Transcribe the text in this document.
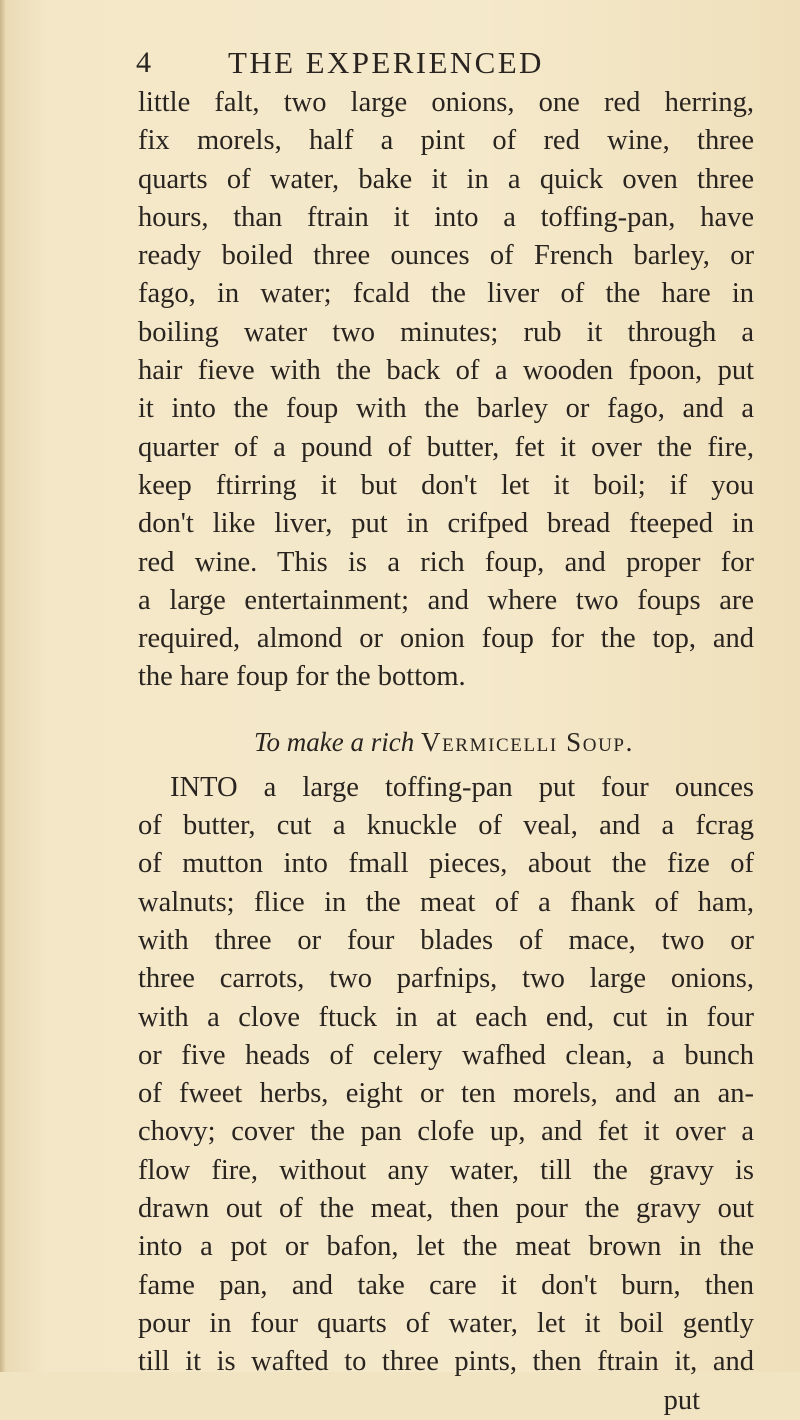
4 THE EXPERIENCED
little falt, two large onions, one red herring,
fix morels, half a pint of red wine, three
quarts of water, bake it in a quick oven three
hours, than ftrain it into a toffing-pan, have
ready boiled three ounces of French barley, or
fago, in water; fcald the liver of the hare in
boiling water two minutes; rub it through a
hair fieve with the back of a wooden fpoon, put
it into the foup with the barley or fago, and a
quarter of a pound of butter, fet it over the fire,
keep ftirring it but don't let it boil; if you
don't like liver, put in crifped bread fteeped in
red wine. This is a rich foup, and proper for
a large entertainment; and where two foups are
required, almond or onion foup for the top, and
the hare foup for the bottom.
To make a rich Vermicelli Soup.
INTO a large toffing-pan put four ounces
of butter, cut a knuckle of veal, and a fcrag
of mutton into fmall pieces, about the fize of
walnuts; flice in the meat of a fhank of ham,
with three or four blades of mace, two or
three carrots, two parfnips, two large onions,
with a clove ftuck in at each end, cut in four
or five heads of celery wafhed clean, a bunch
of fweet herbs, eight or ten morels, and an an-
chovy; cover the pan clofe up, and fet it over a
flow fire, without any water, till the gravy is
drawn out of the meat, then pour the gravy out
into a pot or bafon, let the meat brown in the
fame pan, and take care it don't burn, then
pour in four quarts of water, let it boil gently
till it is wafted to three pints, then ftrain it, and
put
